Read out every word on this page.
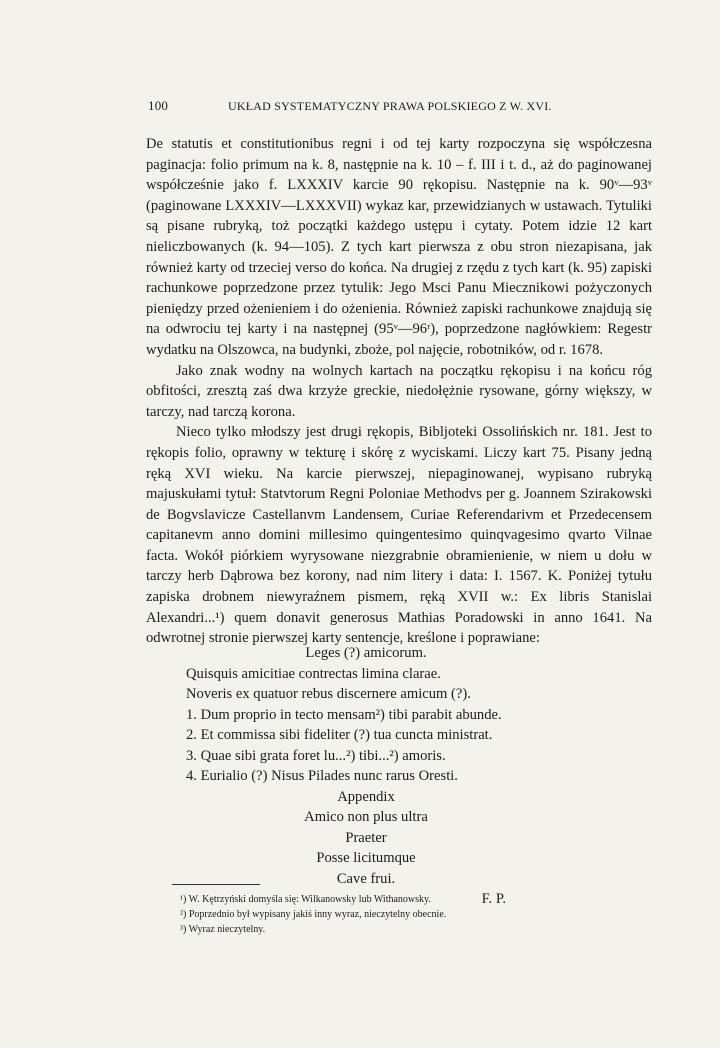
100	UKŁAD SYSTEMATYCZNY PRAWA POLSKIEGO Z W. XVI.

De statutis et constitutionibus regni i od tej karty rozpoczyna się współczesna paginacja: folio primum na k. 8, następnie na k. 10 – f. III i t. d., aż do paginowanej współcześnie jako f. LXXXIV karcie 90 rękopisu. Następnie na k. 90ᵛ—93ᵛ (paginowane LXXXIV—LXXXVII) wykaz kar, przewidzianych w ustawach. Tytuliki są pisane rubryką, toż początki każdego ustępu i cytaty. Potem idzie 12 kart nieliczbowanych (k. 94—105). Z tych kart pierwsza z obu stron niezapisana, jak również karty od trzeciej verso do końca. Na drugiej z rzędu z tych kart (k. 95) zapiski rachunkowe poprzedzone przez tytulik: Jego Msci Panu Miecznikowi pożyczonych pieniędzy przed ożenieniem i do ożenienia. Również zapiski rachunkowe znajdują się na odwrociu tej karty i na następnej (95ᵛ—96ʳ), poprzedzone nagłówkiem: Regestr wydatku na Olszowca, na budynki, zboże, pol najęcie, robotników, od r. 1678.

Jako znak wodny na wolnych kartach na początku rękopisu i na końcu róg obfitości, zresztą zaś dwa krzyże greckie, niedołężnie rysowane, górny większy, w tarczy, nad tarczą korona.

Nieco tylko młodszy jest drugi rękopis, Bibljoteki Ossolińskich nr. 181. Jest to rękopis folio, oprawny w tekturę i skórę z wyciskami. Liczy kart 75. Pisany jedną ręką XVI wieku. Na karcie pierwszej, niepaginowanej, wypisano rubryką majuskułami tytuł: Statvtorum Regni Poloniae Methodvs per g. Joannem Szirakowski de Bogvslavicze Castellanvm Landensem, Curiae Referendarivm et Przedecensem capitanevm anno domini millesimo quingentesimo quinqvagesimo qvarto Vilnae facta. Wokół piórkiem wyrysowane niezgrabnie obramienienie, w niem u dołu w tarczy herb Dąbrowa bez korony, nad nim litery i data: I. 1567. K. Poniżej tytułu zapiska drobnem niewyraźnem pismem, ręką XVII w.: Ex libris Stanislai Alexandri...¹) quem donavit generosus Mathias Poradowski in anno 1641. Na odwrotnej stronie pierwszej karty sentencje, kreślone i poprawiane:

Leges (?) amicorum.
Quisquis amicitiae contrectas limina clarae.
Noveris ex quatuor rebus discernere amicum (?).
1. Dum proprio in tecto mensam²) tibi parabit abunde.
2. Et commissa sibi fideliter (?) tua cuncta ministrat.
3. Quae sibi grata foret lu...²) tibi...²) amoris.
4. Eurialio (?) Nisus Pilades nunc rarus Oresti.
Appendix
Amico non plus ultra
Praeter
Posse licitumque
Cave frui.
F. P.
¹) W. Kętrzyński domyśla się: Wilkanowsky lub Withanowsky.
²) Poprzednio był wypisany jakiś inny wyraz, nieczytelny obecnie.
³) Wyraz nieczytelny.
